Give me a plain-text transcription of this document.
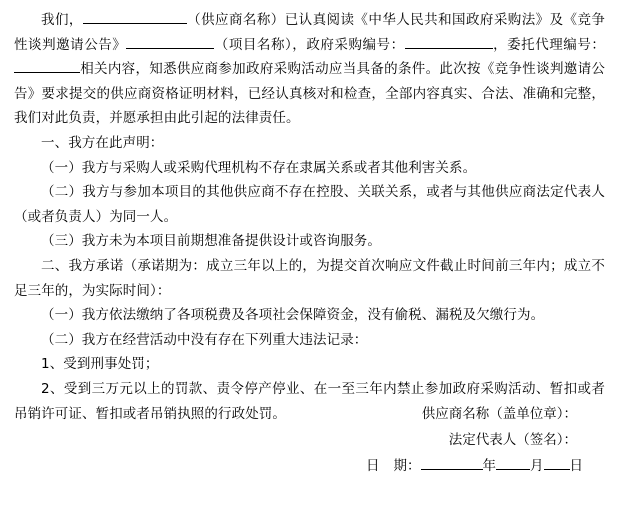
我们，	（供应商名称）已认真阅读《中华人民共和国政府采购法》及《竞争性谈判邀请公告》	（项目名称），政府采购编号：	，委托代理编号：相关内容，知悉供应商参加政府采购活动应当具备的条件。此次按《竞争性谈判邀请公告》要求提交的供应商资格证明材料，已经认真核对和检查，全部内容真实、合法、准确和完整，我们对此负责，并愿承担由此引起的法律责任。

一、我方在此声明：

（一）我方与采购人或采购代理机构不存在隶属关系或者其他利害关系。

（二）我方与参加本项目的其他供应商不存在控股、关联关系，或者与其他供应商法定代表人（或者负责人）为同一人。

（三）我方未为本项目前期想准备提供设计或咨询服务。

二、我方承诺（承诺期为：成立三年以上的，为提交首次响应文件截止时间前三年内；成立不足三年的，为实际时间）：

（一）我方依法缴纳了各项税费及各项社会保障资金，没有偷税、漏税及欠缴行为。

（二）我方在经营活动中没有存在下列重大违法记录：

1、受到刑事处罚；

2、受到三万元以上的罚款、责令停产停业、在一至三年内禁止参加政府采购活动、暂扣或者吊销许可证、暂扣或者吊销执照的行政处罚。	供应商名称（盖单位章）：
法定代表人（签名）：
日期：	年	月 日
